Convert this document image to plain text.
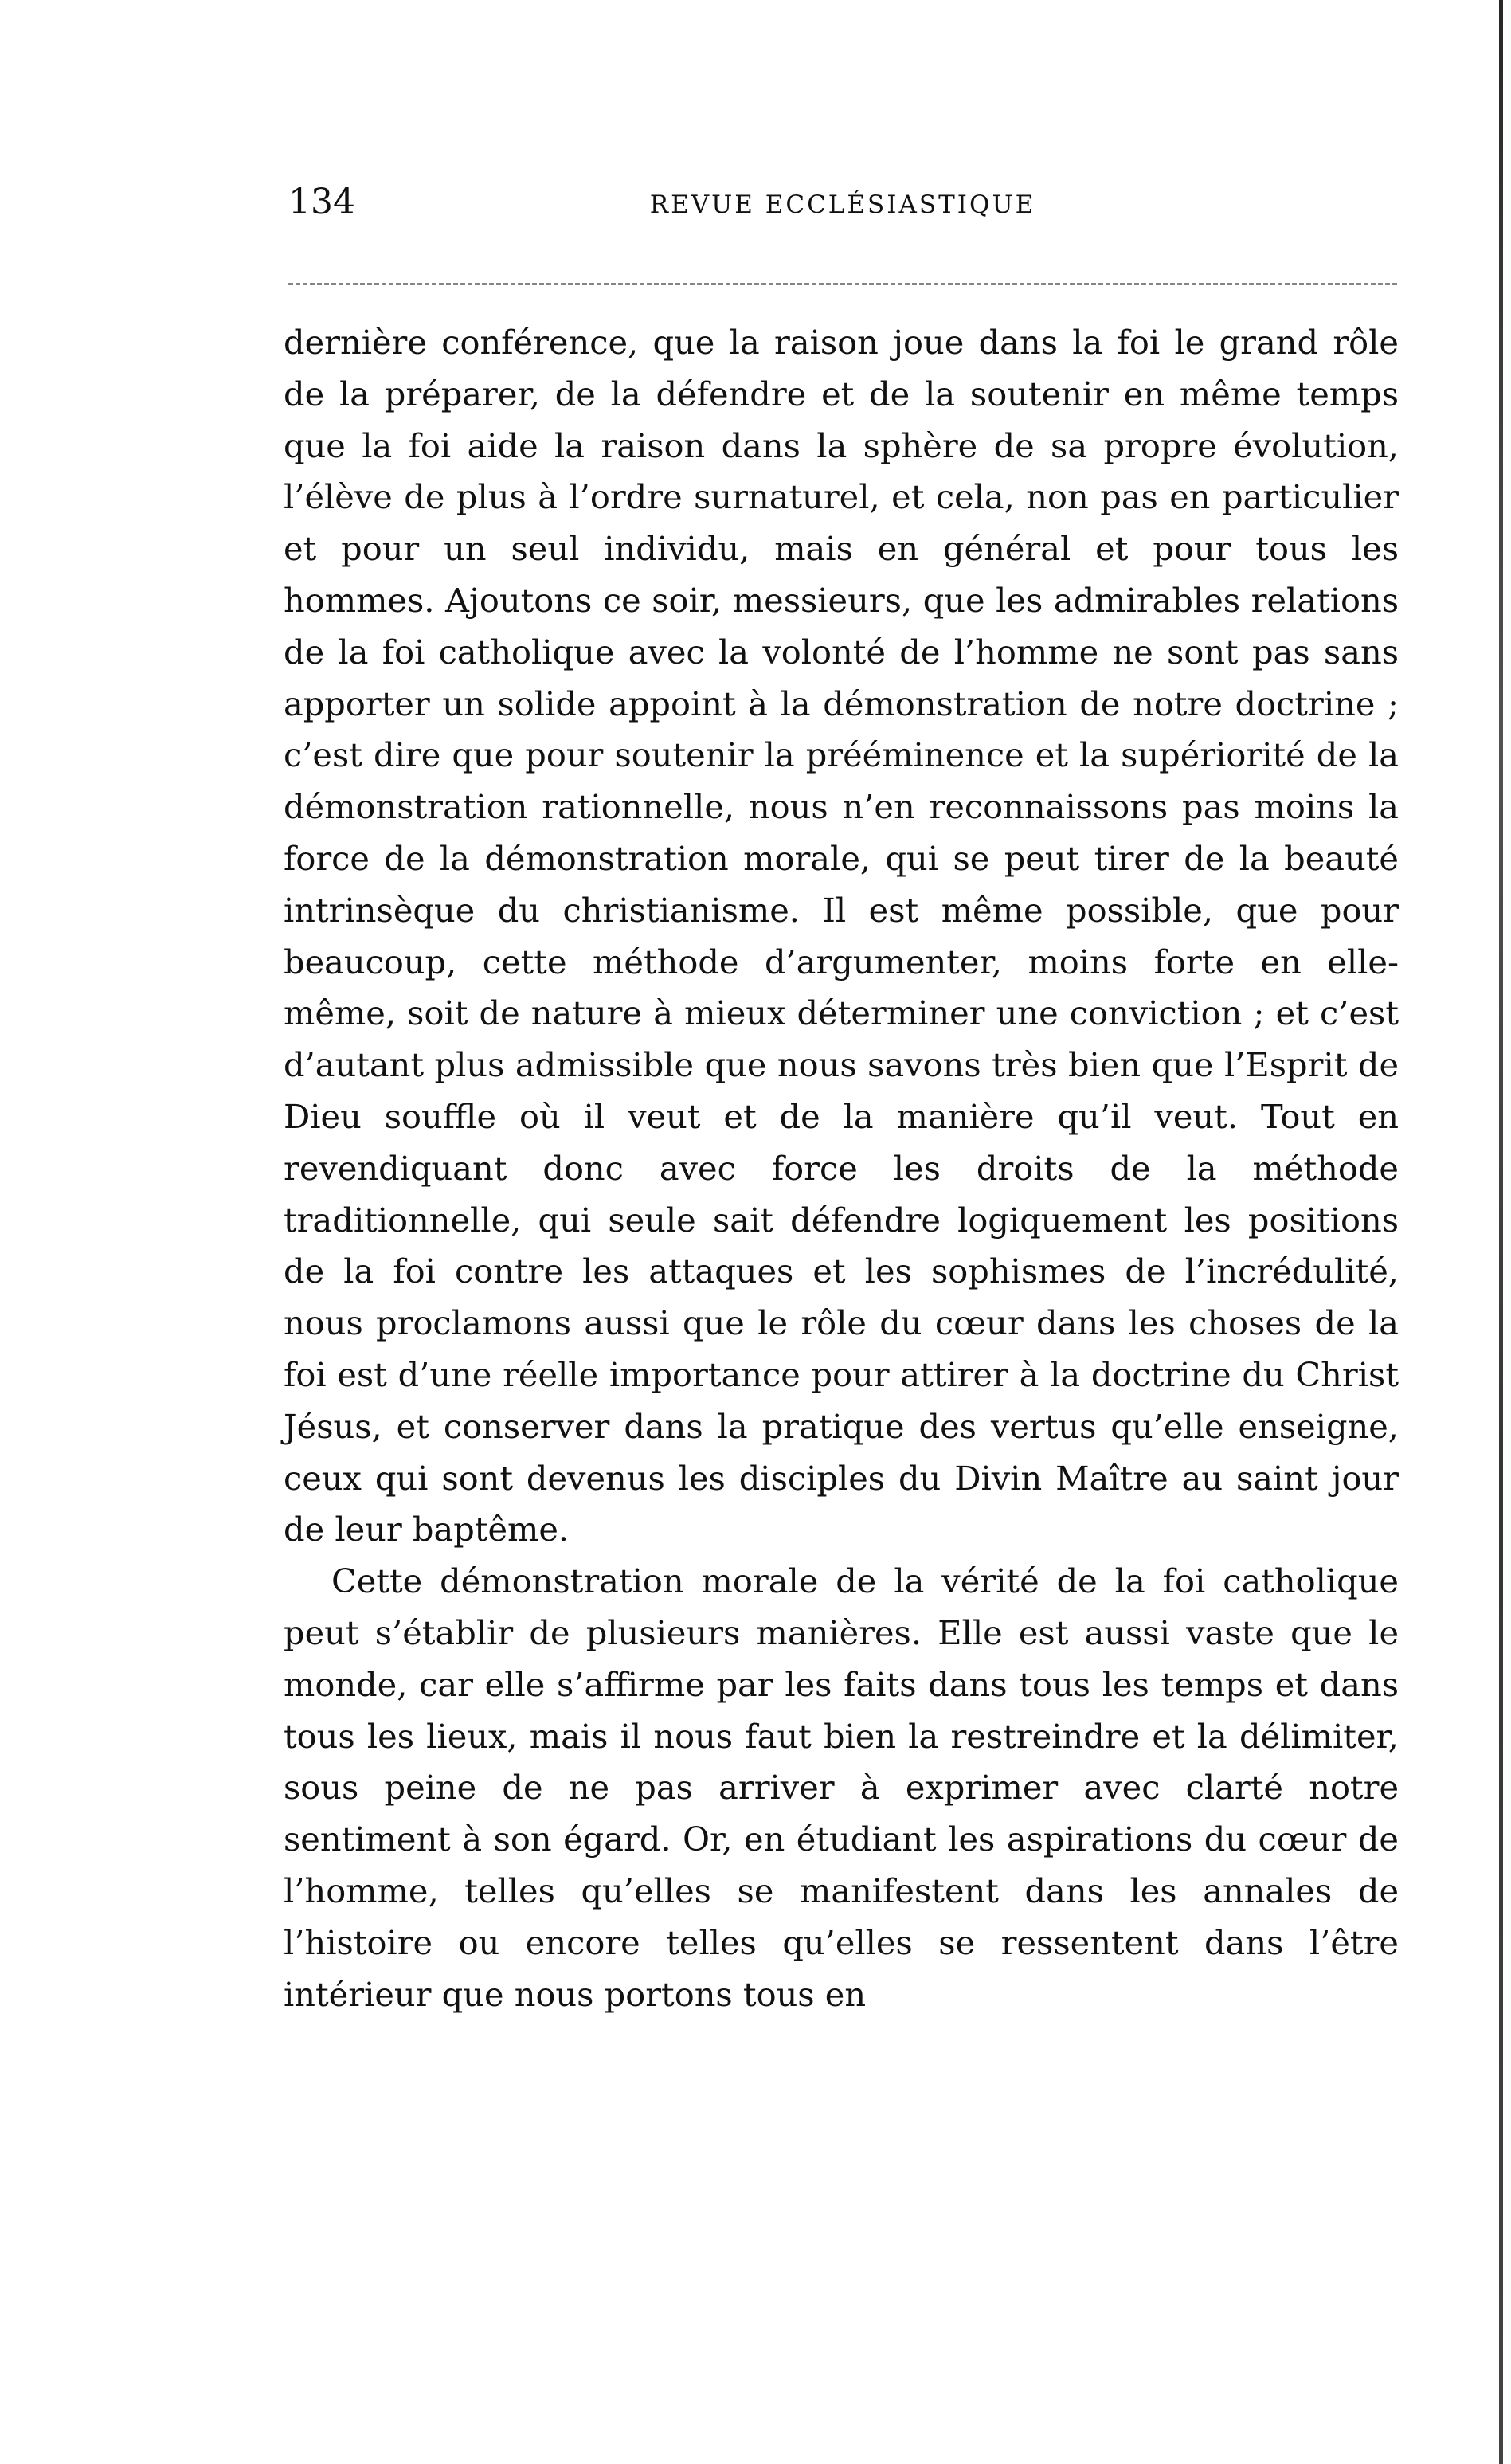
134	REVUE ECCLÉSIASTIQUE

dernière conférence, que la raison joue dans la foi le grand rôle de la préparer, de la défendre et de la soutenir en même temps que la foi aide la raison dans la sphère de sa propre évolution, l’élève de plus à l’ordre surnaturel, et cela, non pas en particulier et pour un seul individu, mais en général et pour tous les hommes. Ajoutons ce soir, messieurs, que les admirables relations de la foi catholique avec la volonté de l’homme ne sont pas sans apporter un solide appoint à la démonstration de notre doctrine ; c’est dire que pour soutenir la prééminence et la supériorité de la démonstration rationnelle, nous n’en reconnaissons pas moins la force de la démonstration morale, qui se peut tirer de la beauté intrinsèque du christianisme. Il est même possible, que pour beaucoup, cette méthode d’argumenter, moins forte en elle-même, soit de nature à mieux déterminer une conviction ; et c’est d’autant plus admissible que nous savons très bien que l’Esprit de Dieu souffle où il veut et de la manière qu’il veut. Tout en revendiquant donc avec force les droits de la méthode traditionnelle, qui seule sait défendre logiquement les positions de la foi contre les attaques et les sophismes de l’incrédulité, nous proclamons aussi que le rôle du cœur dans les choses de la foi est d’une réelle importance pour attirer à la doctrine du Christ Jésus, et conserver dans la pratique des vertus qu’elle enseigne, ceux qui sont devenus les disciples du Divin Maître au saint jour de leur baptême.

Cette démonstration morale de la vérité de la foi catholique peut s’établir de plusieurs manières. Elle est aussi vaste que le monde, car elle s’affirme par les faits dans tous les temps et dans tous les lieux, mais il nous faut bien la restreindre et la délimiter, sous peine de ne pas arriver à exprimer avec clarté notre sentiment à son égard. Or, en étudiant les aspirations du cœur de l’homme, telles qu’elles se manifestent dans les annales de l’histoire ou encore telles qu’elles se ressentent dans l’être intérieur que nous portons tous en
